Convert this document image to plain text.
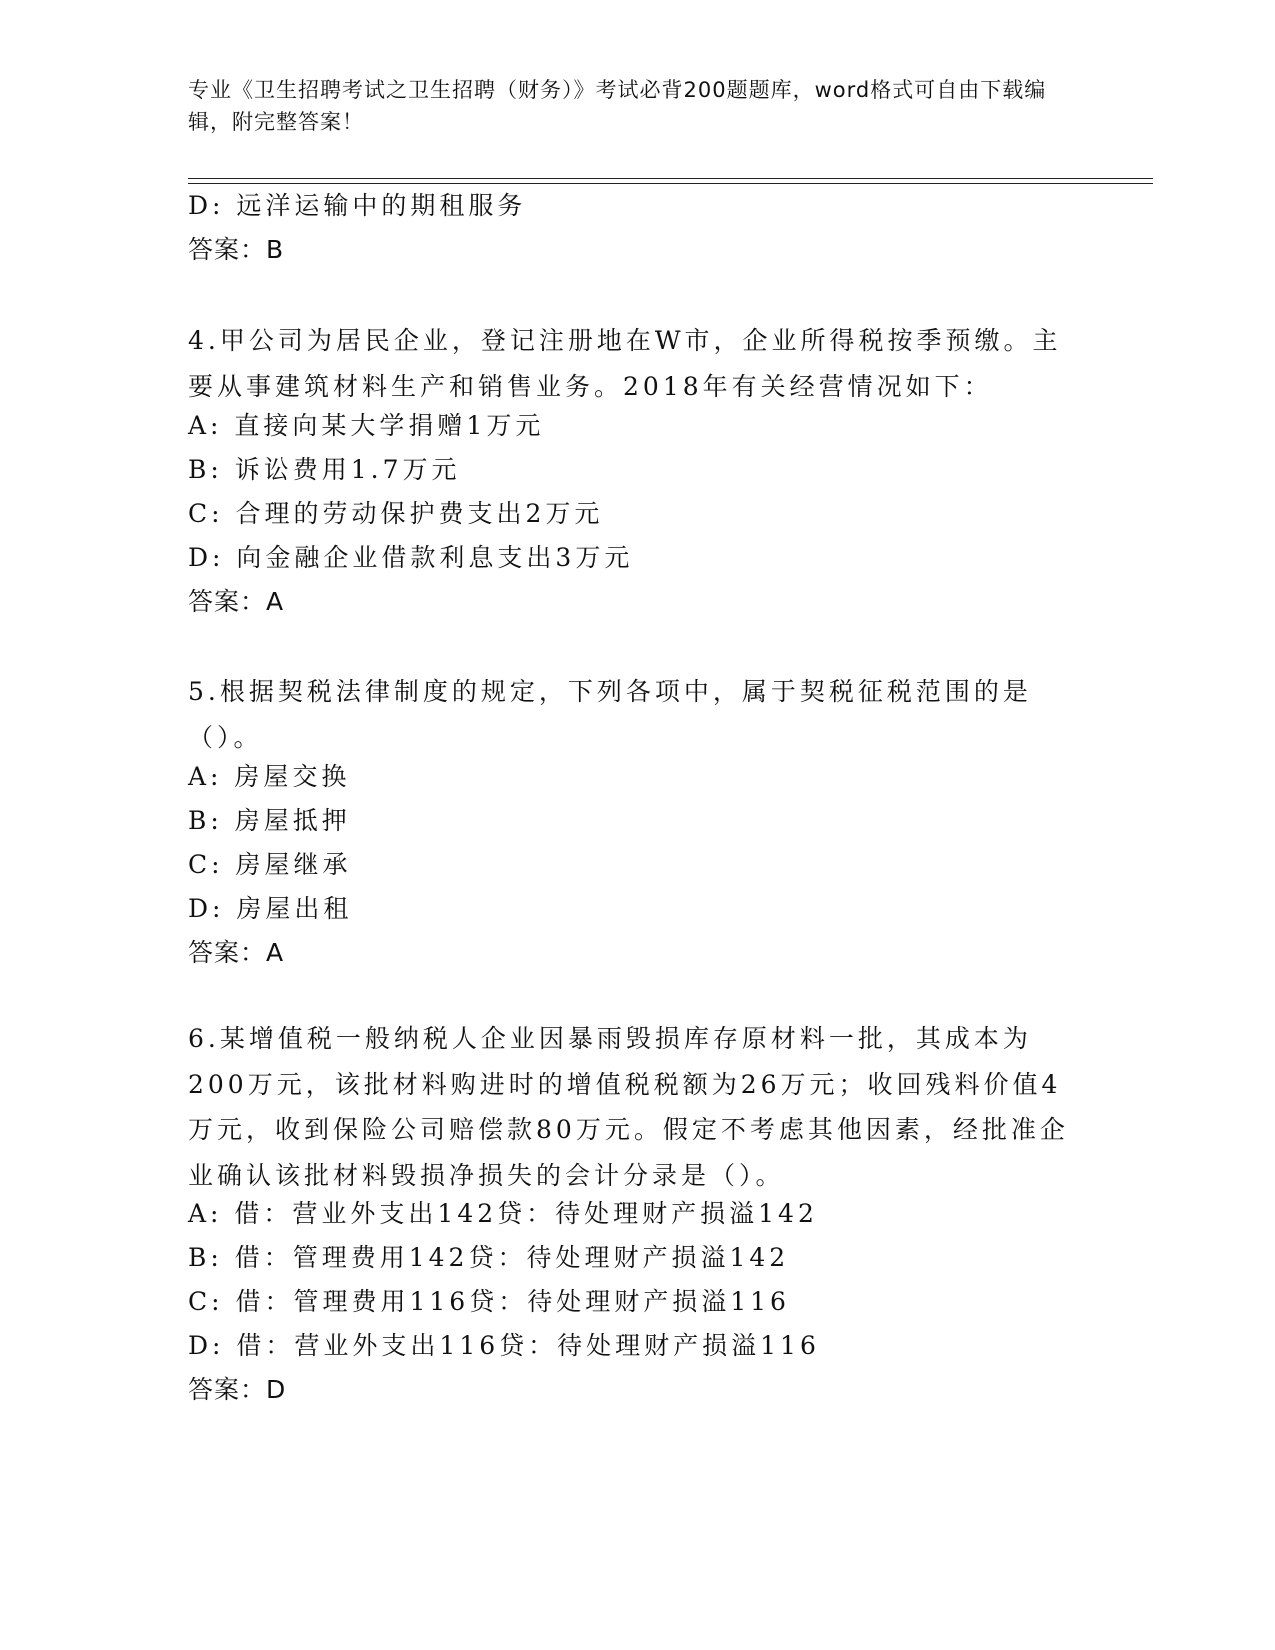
专业《卫生招聘考试之卫生招聘（财务）》考试必背200题题库，word格式可自由下载编辑，附完整答案！
D: 远洋运输中的期租服务
答案：B
4.甲公司为居民企业，登记注册地在W市，企业所得税按季预缴。主要从事建筑材料生产和销售业务。2018年有关经营情况如下：
A: 直接向某大学捐赠1万元
B: 诉讼费用1.7万元
C: 合理的劳动保护费支出2万元
D: 向金融企业借款利息支出3万元
答案：A
5.根据契税法律制度的规定，下列各项中，属于契税征税范围的是（）。
A: 房屋交换
B: 房屋抵押
C: 房屋继承
D: 房屋出租
答案：A
6.某增值税一般纳税人企业因暴雨毁损库存原材料一批，其成本为200万元，该批材料购进时的增值税税额为26万元；收回残料价值4万元，收到保险公司赔偿款80万元。假定不考虑其他因素，经批准企业确认该批材料毁损净损失的会计分录是（）。
A: 借：营业外支出142贷：待处理财产损溢142
B: 借：管理费用142贷：待处理财产损溢142
C: 借：管理费用116贷：待处理财产损溢116
D: 借：营业外支出116贷：待处理财产损溢116
答案：D
